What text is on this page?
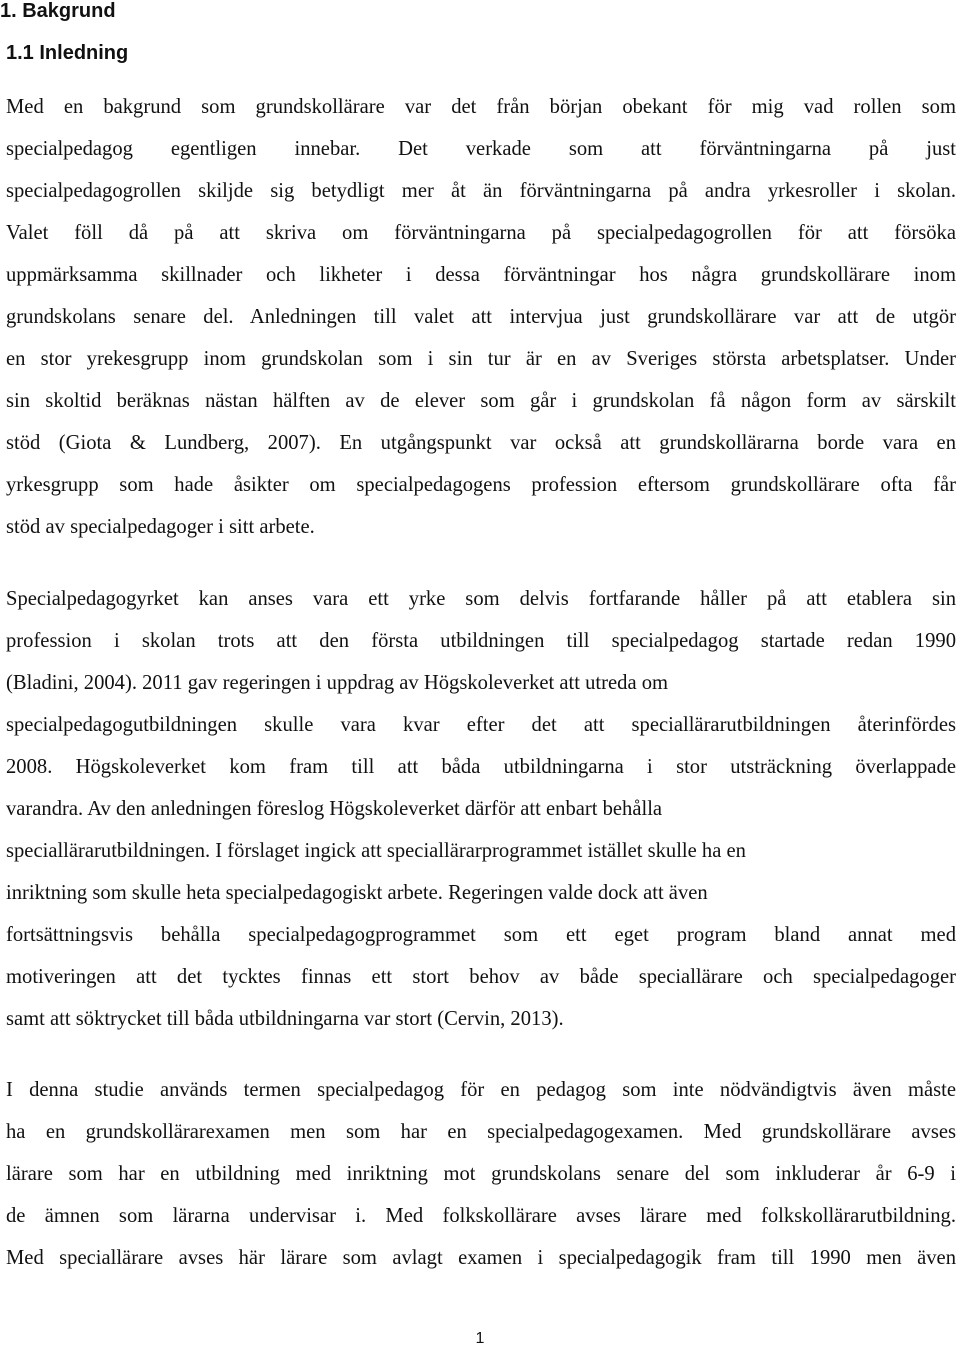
1. Bakgrund
1.1 Inledning
Med en bakgrund som grundskollärare var det från början obekant för mig vad rollen som
specialpedagog egentligen innebar. Det verkade som att förväntningarna på just
specialpedagogrollen skiljde sig betydligt mer åt än förväntningarna på andra yrkesroller i skolan.
Valet föll då på att skriva om förväntningarna på specialpedagogrollen för att försöka
uppmärksamma skillnader och likheter i dessa förväntningar hos några grundskollärare inom
grundskolans senare del. Anledningen till valet att intervjua just grundskollärare var att de utgör
en stor yrekesgrupp inom grundskolan som i sin tur är en av Sveriges största arbetsplatser. Under
sin skoltid beräknas nästan hälften av de elever som går i grundskolan få någon form av särskilt
stöd (Giota & Lundberg, 2007). En utgångspunkt var också att grundskollärarna borde vara en
yrkesgrupp som hade åsikter om specialpedagogens profession eftersom grundskollärare ofta får
stöd av specialpedagoger i sitt arbete.
Specialpedagogyrket kan anses vara ett yrke som delvis fortfarande håller på att etablera sin
profession i skolan trots att den första utbildningen till specialpedagog startade redan 1990
(Bladini, 2004). 2011 gav regeringen i uppdrag av Högskoleverket att utreda om
specialpedagogutbildningen skulle vara kvar efter det att speciallärarutbildningen återinfördes
2008. Högskoleverket kom fram till att båda utbildningarna i stor utsträckning överlappade
varandra. Av den anledningen föreslog Högskoleverket därför att enbart behålla
speciallärarutbildningen. I förslaget ingick att speciallärarprogrammet istället skulle ha en
inriktning som skulle heta specialpedagogiskt arbete. Regeringen valde dock att även
fortsättningsvis behålla specialpedagogprogrammet som ett eget program bland annat med
motiveringen att det tycktes finnas ett stort behov av både speciallärare och specialpedagoger
samt att söktrycket till båda utbildningarna var stort (Cervin, 2013).
I denna studie används termen specialpedagog för en pedagog som inte nödvändigtvis även måste
ha en grundskollärarexamen men som har en specialpedagogexamen. Med grundskollärare avses
lärare som har en utbildning med inriktning mot grundskolans senare del som inkluderar år 6-9 i
de ämnen som lärarna undervisar i. Med folkskollärare avses lärare med folkskollärarutbildning.
Med speciallärare avses här lärare som avlagt examen i specialpedagogik fram till 1990 men även
1
